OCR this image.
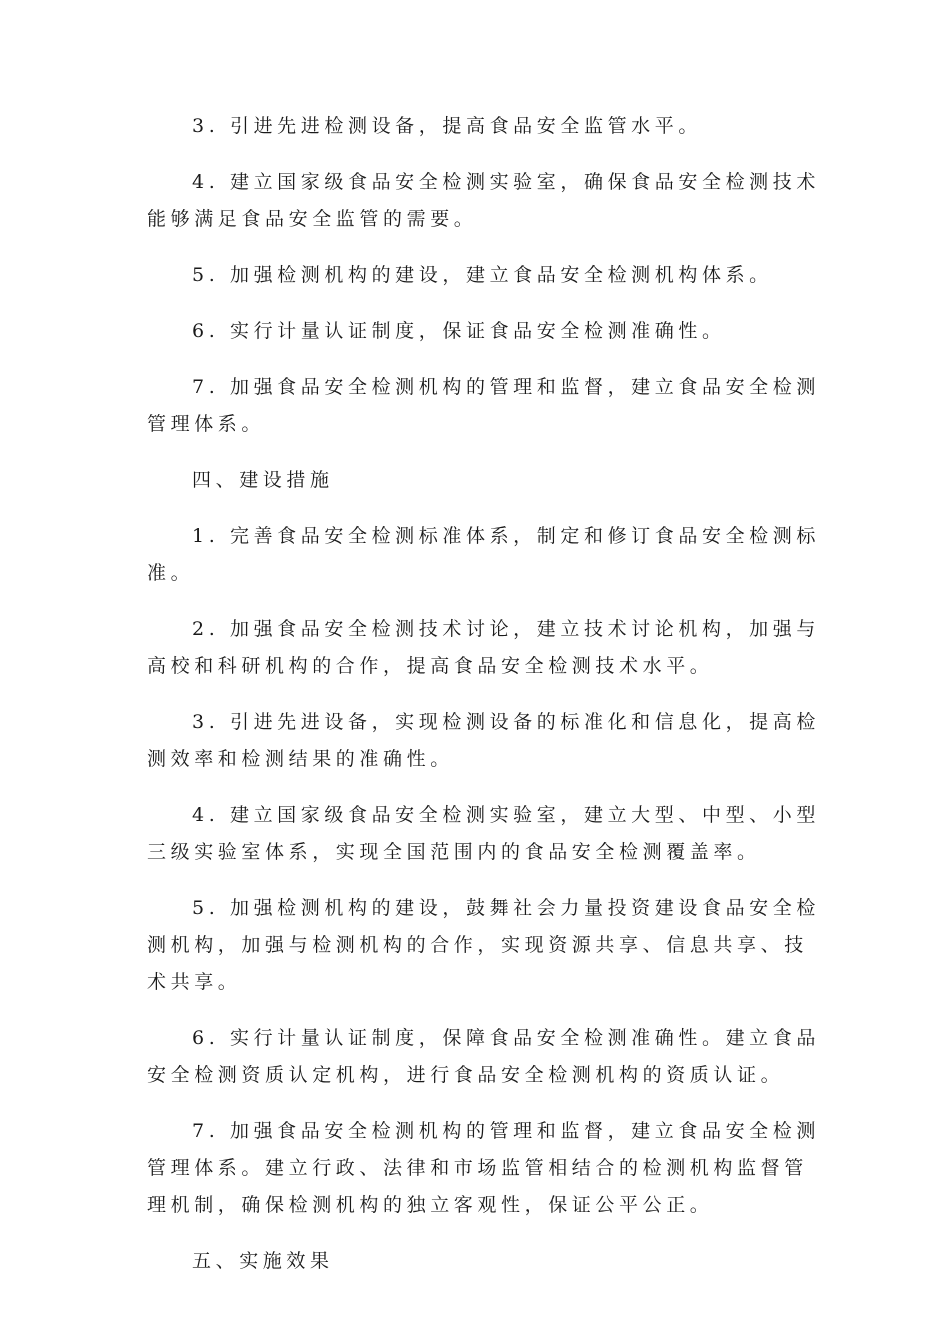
3. 引进先进检测设备，提高食品安全监管水平。

4. 建立国家级食品安全检测实验室，确保食品安全检测技术能够满足食品安全监管的需要。

5. 加强检测机构的建设，建立食品安全检测机构体系。

6. 实行计量认证制度，保证食品安全检测准确性。

7. 加强食品安全检测机构的管理和监督，建立食品安全检测管理体系。

四、建设措施

1. 完善食品安全检测标准体系，制定和修订食品安全检测标准。

2. 加强食品安全检测技术讨论，建立技术讨论机构，加强与高校和科研机构的合作，提高食品安全检测技术水平。

3. 引进先进设备，实现检测设备的标准化和信息化，提高检测效率和检测结果的准确性。

4. 建立国家级食品安全检测实验室，建立大型、中型、小型三级实验室体系，实现全国范围内的食品安全检测覆盖率。

5. 加强检测机构的建设，鼓舞社会力量投资建设食品安全检测机构，加强与检测机构的合作，实现资源共享、信息共享、技术共享。

6. 实行计量认证制度，保障食品安全检测准确性。建立食品安全检测资质认定机构，进行食品安全检测机构的资质认证。

7. 加强食品安全检测机构的管理和监督，建立食品安全检测管理体系。建立行政、法律和市场监管相结合的检测机构监督管理机制，确保检测机构的独立客观性，保证公平公正。

五、实施效果
